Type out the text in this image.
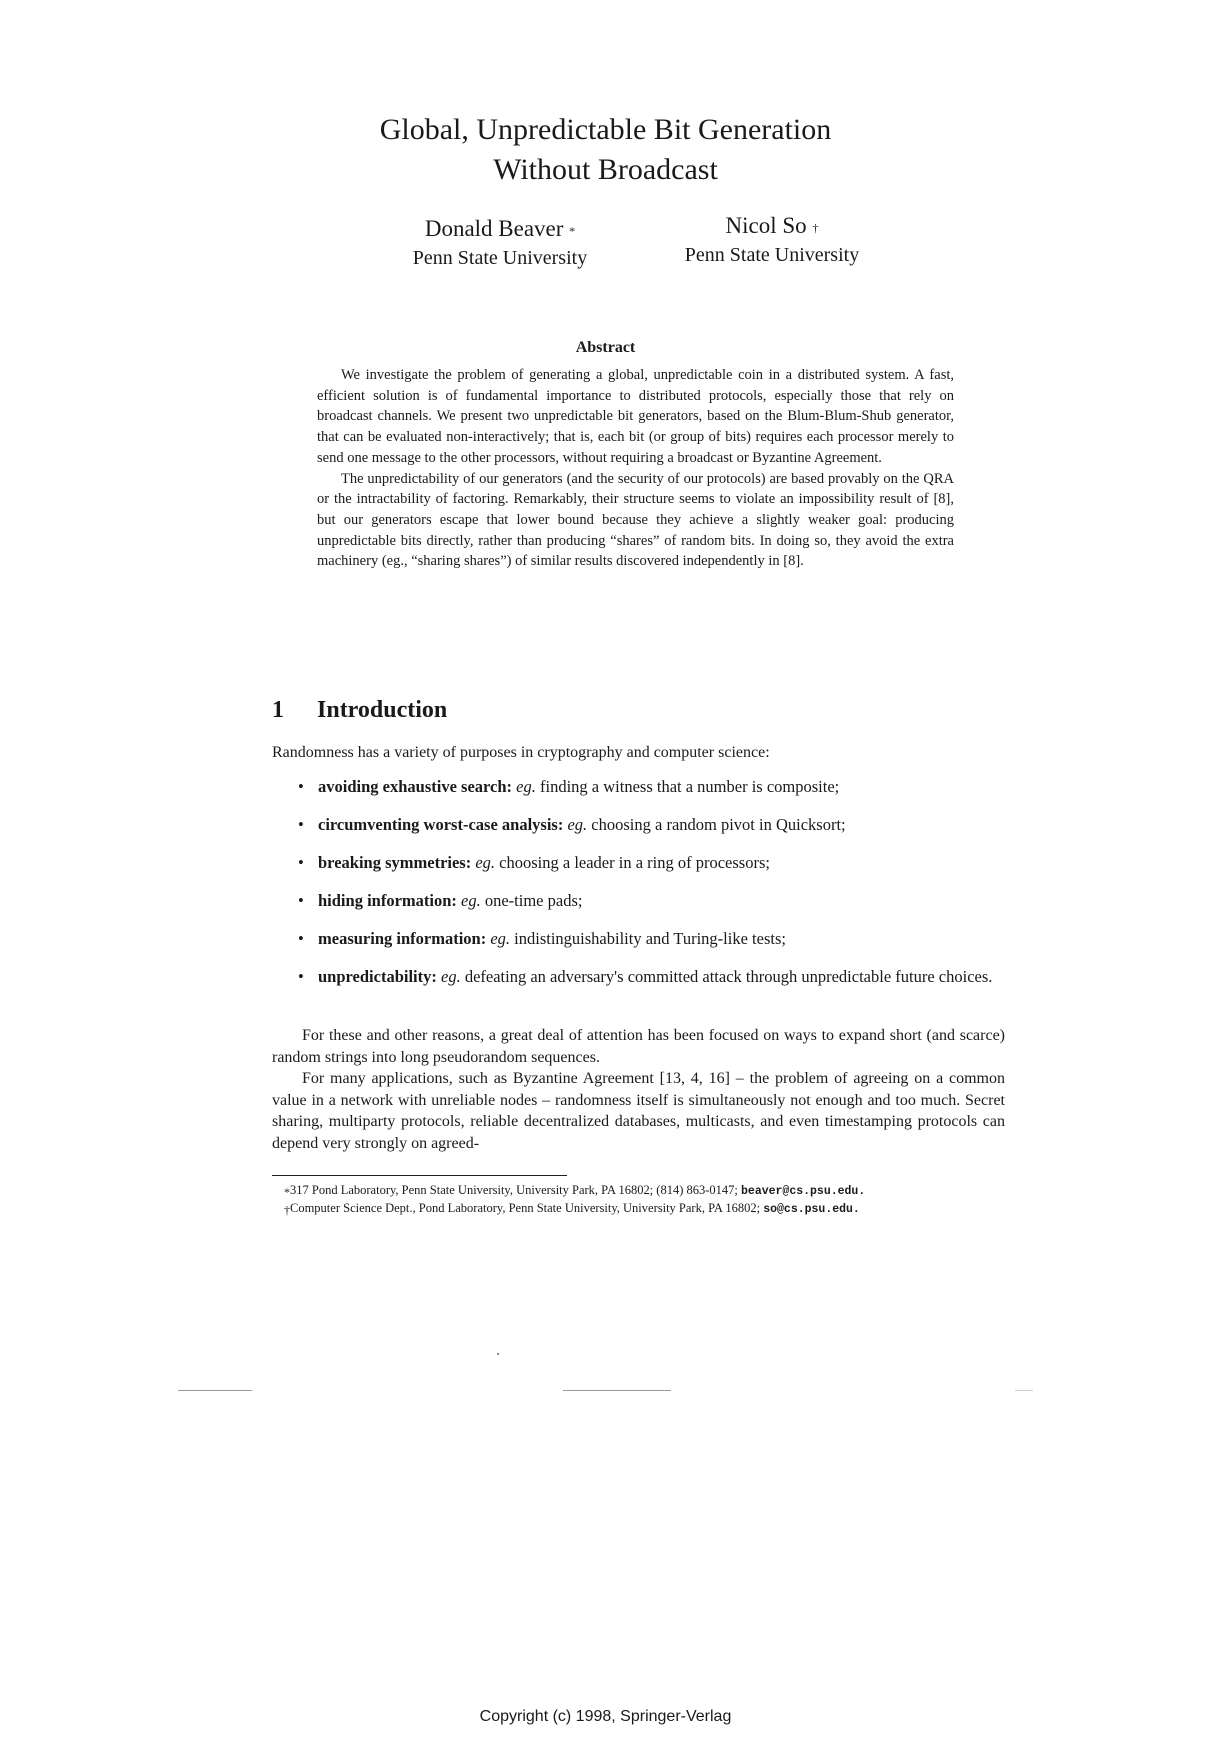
Global, Unpredictable Bit Generation
Without Broadcast
Donald Beaver *
Penn State University
Nicol So †
Penn State University
Abstract

We investigate the problem of generating a global, unpredictable coin in a distributed system. A fast, efficient solution is of fundamental importance to distributed protocols, especially those that rely on broadcast channels. We present two unpredictable bit generators, based on the Blum-Blum-Shub generator, that can be evaluated non-interactively; that is, each bit (or group of bits) requires each processor merely to send one message to the other processors, without requiring a broadcast or Byzantine Agreement.

The unpredictability of our generators (and the security of our protocols) are based provably on the QRA or the intractability of factoring. Remarkably, their structure seems to violate an impossibility result of [8], but our generators escape that lower bound because they achieve a slightly weaker goal: producing unpredictable bits directly, rather than producing “shares” of random bits. In doing so, they avoid the extra machinery (eg., “sharing shares”) of similar results discovered independently in [8].

1 Introduction
Randomness has a variety of purposes in cryptography and computer science:
• avoiding exhaustive search: eg. finding a witness that a number is composite;
• circumventing worst-case analysis: eg. choosing a random pivot in Quicksort;
• breaking symmetries: eg. choosing a leader in a ring of processors;
• hiding information: eg. one-time pads;
• measuring information: eg. indistinguishability and Turing-like tests;
• unpredictability: eg. defeating an adversary's committed attack through unpredictable future choices.

For these and other reasons, a great deal of attention has been focused on ways to expand short (and scarce) random strings into long pseudorandom sequences.

For many applications, such as Byzantine Agreement [13, 4, 16] – the problem of agreeing on a common value in a network with unreliable nodes – randomness itself is simultaneously not enough and too much. Secret sharing, multiparty protocols, reliable decentralized databases, multicasts, and even timestamping protocols can depend very strongly on agreed-

*317 Pond Laboratory, Penn State University, University Park, PA 16802; (814) 863-0147; beaver@cs.psu.edu.

†Computer Science Dept., Pond Laboratory, Penn State University, University Park, PA 16802; so@cs.psu.edu.

Copyright (c) 1998, Springer-Verlag
